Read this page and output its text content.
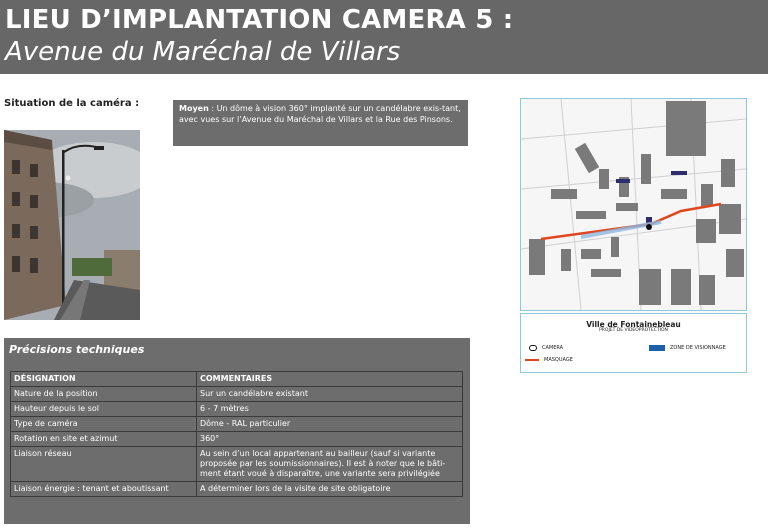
LIEU D’IMPLANTATION CAMERA 5 :
Avenue du Maréchal de Villars
Situation de la caméra :	Moyen : Un dôme à vision 360° implanté sur un candélabre exis-tant, avec vues sur l’Avenue du Maréchal de Villars et la Rue des Pinsons.
Ville de Fontainebleau
PROJET DE VIDEOPROTECTION
CAMERA	ZONE DE VISIONNAGE
MASQUAGE
Précisions techniques
DÉSIGNATION	COMMENTAIRES
Nature de la position	Sur un candélabre existant
Hauteur depuis le sol	6 - 7 mètres
Type de caméra	Dôme - RAL particulier
Rotation en site et azimut	360°
Liaison réseau	Au sein d’un local appartenant au bailleur (sauf si variante proposée par les soumissionnaires). Il est à noter que le bâti-ment étant voué à disparaître, une variante sera privilégiée
Liaison énergie : tenant et aboutissant	A déterminer lors de la visite de site obligatoire
